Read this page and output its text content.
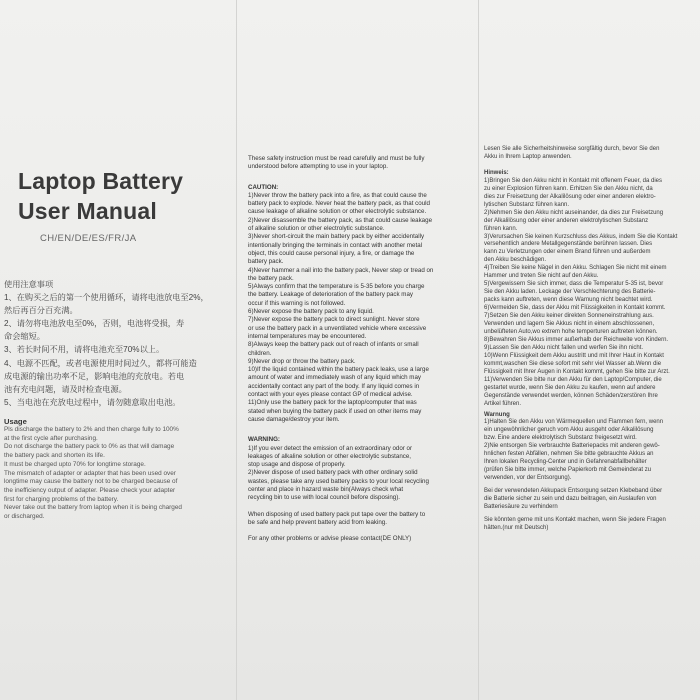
Laptop Battery
User Manual
CH/EN/DE/ES/FR/JA
使用注意事项
1、在购买之后的第一个使用循环，请将电池放电至2%，
然后再百分百充满。
2、请勿将电池放电至0%，否则，电池将受损，寿
命会缩短。
3、若长时间不用，请将电池充至70%以上。
4、电源不匹配，或者电源使用时间过久，都将可能造
成电源的输出功率不足，影响电池的充放电。若电
池有充电问题，请及时检查电源。
5、当电池在充放电过程中，请勿随意取出电池。
Usage
Pls discharge the battery to 2% and then charge fully to 100%
at the first cycle after purchasing.
Do not discharge the battery pack to 0% as that will damage
the battery pack and shorten its life.
It must be charged upto 70% for longtime storage.
The mismatch of adapter or adapter that has been used over
longtime may cause the battery not to be charged because of
the inefficiency output of adapter. Please check your adapter
first for charging problems of the battery.
Never take out the battery from laptop when it is being charged
or discharged.
These safety instruction must be read carefully and must be fully
understood before attempting to use in your laptop.
CAUTION:
1)Never throw the battery pack into a fire, as that could cause the
battery pack to explode. Never heat the battery pack, as that could
cause leakage of alkaline solution or other electrolytic substance.
2)Never disassemble the battery pack, as that could cause leakage
of alkaline solution or other electrolytic substance.
3)Never short-circuit the main battery pack by either accidentally
intentionally bringing the terminals in contact with another metal
object, this could cause personal injury, a fire, or damage the
battery pack.
4)Never hammer a nail into the battery pack, Never step or tread on
the battery pack.
5)Always confirm that the temperature is 5-35 before you charge
the battery. Leakage of deterioration of the battery pack may
occur if this warning is not followed.
6)Never expose the battery pack to any liquid.
7)Never expose the battery pack to direct sunlight. Never store
or use the battery pack in a unventilated vehicle where excessive
internal temperatures may be encountered.
8)Always keep the battery pack out of reach of infants or small
children.
9)Never drop or throw the battery pack.
10)If the liquid contained within the battery pack leaks, use a large
amount of water and immediately wash of any liquid which may
accidentally contact any part of the body. If any liquid comes in
contact with your eyes please contact GP of medical advise.
11)Only use the battery pack for the laptop/computer that was
stated when buying the battery pack if used on other items may
cause damage/destroy your item.
WARNING:
1)If you ever detect the emission of an extraordinary odor or
leakages of alkaline solution or other electrolytic substance,
stop usage and dispose of properly.
2)Never dispose of used battery pack with other ordinary solid
wastes, please take any used battery packs to your local recycling
center and place in hazard waste bin(Always check what
recycling bin to use with local council before disposing).
When disposing of used battery pack put tape over the battery to
be safe and help prevent battery acid from leaking.
For any other problems or advise please contact(DE ONLY)
Lesen Sie alle Sicherheitshinweise sorgfältig durch, bevor Sie den
Akku in Ihrem Laptop anwenden.
Hinweis:
1)Bringen Sie den Akku nicht in Kontakt mit offenem Feuer, da dies
zu einer Explosion führen kann. Erhitzen Sie den Akku nicht, da
dies zur Freisetzung der Alkalilösung oder einer anderen elektro-
lytischen Substanz führen kann.
2)Nehmen Sie den Akku nicht auseinander, da dies zur Freisetzung
der Alkalilösung oder einer anderen elektrolytischen Substanz
führen kann.
3)Verursachen Sie keinen Kurzschluss des Akkus, indem Sie die Kontakt
versehentlich andere Metallgegenstände berühren lassen. Dies
kann zu Verletzungen oder einem Brand führen und außerdem
den Akku beschädigen.
4)Treiben Sie keine Nägel in den Akku. Schlagen Sie nicht mit einem
Hammer und treten Sie nicht auf den Akku.
5)Vergewissern Sie sich immer, dass die Temperatur 5-35 ist, bevor
Sie den Akku laden. Leckage der Verschlechterung des Batterie-
packs kann auftreten, wenn diese Warnung nicht beachtet wird.
6)Vermeiden Sie, dass der Akku mit Flüssigkeiten in Kontakt kommt.
7)Setzen Sie den Akku keiner direkten Sonneneinstrahlung aus.
Verwenden und lagern Sie Akkus nicht in einem abschlossenen,
unbelüfteten Auto,wo extrem hohe temperturen auftreten können.
8)Bewahren Sie Akkus immer außerhalb der Reichweite von Kindern.
9)Lassen Sie den Akku nicht fallen und werfen Sie ihn nicht.
10)Wenn Flüssigkeit dem Akku austritt und mit Ihrer Haut in Kontakt
kommt,waschen Sie diese sofort mit sehr viel Wasser ab.Wenn die
Flüssigkeit mit Ihrer Augen in Kontakt kommt, gehen Sie bitte zur Arzt.
11)Verwenden Sie bitte nur den Akku für den Laptop/Computer, die
gestartet wurde, wenn Sie den Akku zu kaufen, wenn auf andere
Gegenstände verwendet werden, können Schäden/zerstören Ihre
Artikel führen.
Warnung
1)Halten Sie den Akku von Wärmequellen und Flammen fern, wenn
ein ungewöhnlicher geruch vom Akku ausgeht oder Alkalilösung
bzw. Eine andere elektrolytisch Substanz freigesetzt wird.
2)Nie entsorgen Sie verbrauchte Batteriepacks mit anderen gewö-
hnlichen festen Abfällen, nehmen Sie bitte gebrauchte Akkus an
Ihren lokalen Recycling-Center und in Gefahrenabfallbehälter
(prüfen Sie bitte immer, welche Papierkorb mit Gemeinderat zu
verwenden, vor der Entsorgung).
Bei der verwendeten Akkupack Entsorgung setzen Klebeband über
die Batterie sicher zu sein und dazu beitragen, ein Auslaufen von
Batteriesäure zu verhindern
Sie könnten gerne mit uns Kontakt machen, wenn Sie jedere Fragen
hätten.(nur mit Deutsch)
